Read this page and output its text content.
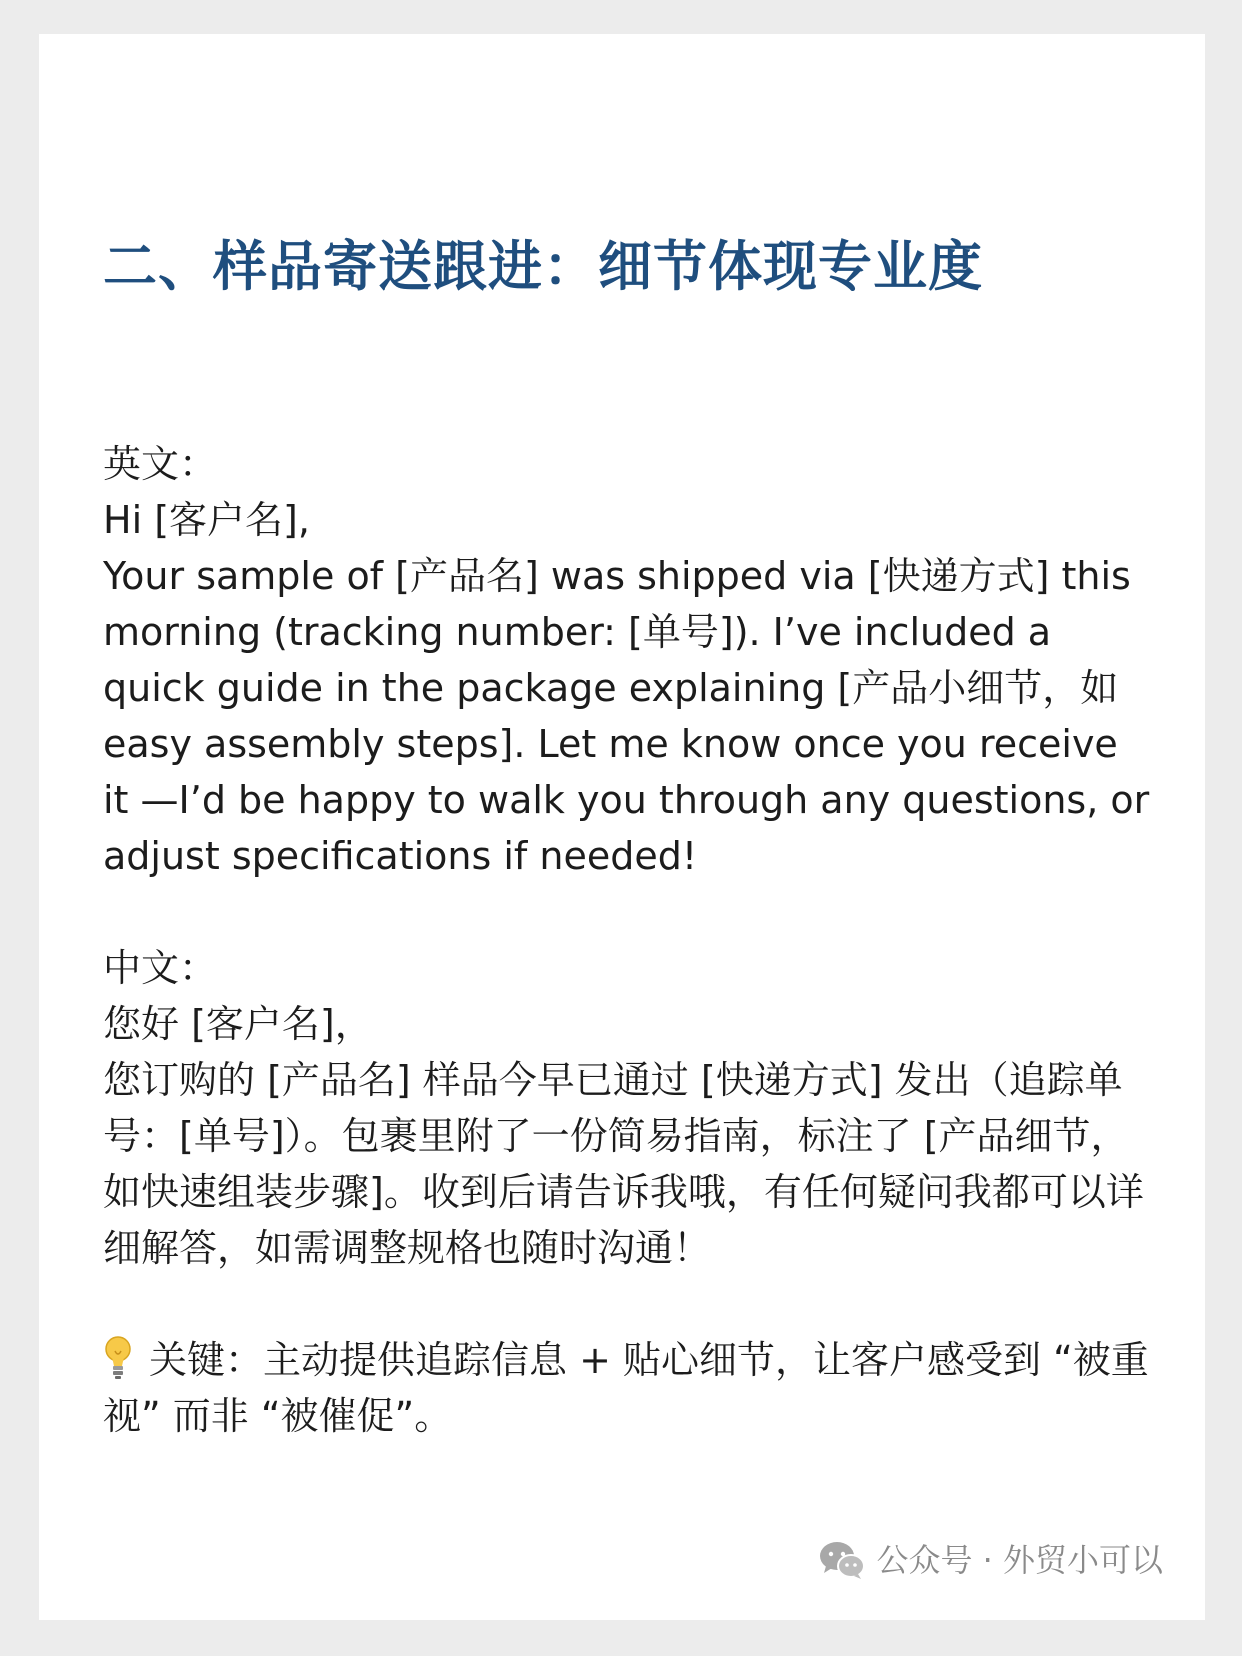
二、样品寄送跟进：细节体现专业度

英文：

Hi [客户名],

Your sample of [产品名] was shipped via [快递方式] this morning (tracking number: [单号]). I’ve included a quick guide in the package explaining [产品小细节，如 easy assembly steps]. Let me know once you receive it —I’d be happy to walk you through any questions, or adjust specifications if needed!

中文：

您好 [客户名]，

您订购的 [产品名] 样品今早已通过 [快递方式] 发出（追踪单号：[单号]）。包裹里附了一份简易指南，标注了 [产品细节，如快速组装步骤]。收到后请告诉我哦，有任何疑问我都可以详细解答，如需调整规格也随时沟通！

关键：主动提供追踪信息 + 贴心细节，让客户感受到 “被重视” 而非 “被催促”。
公众号 · 外贸小可以
